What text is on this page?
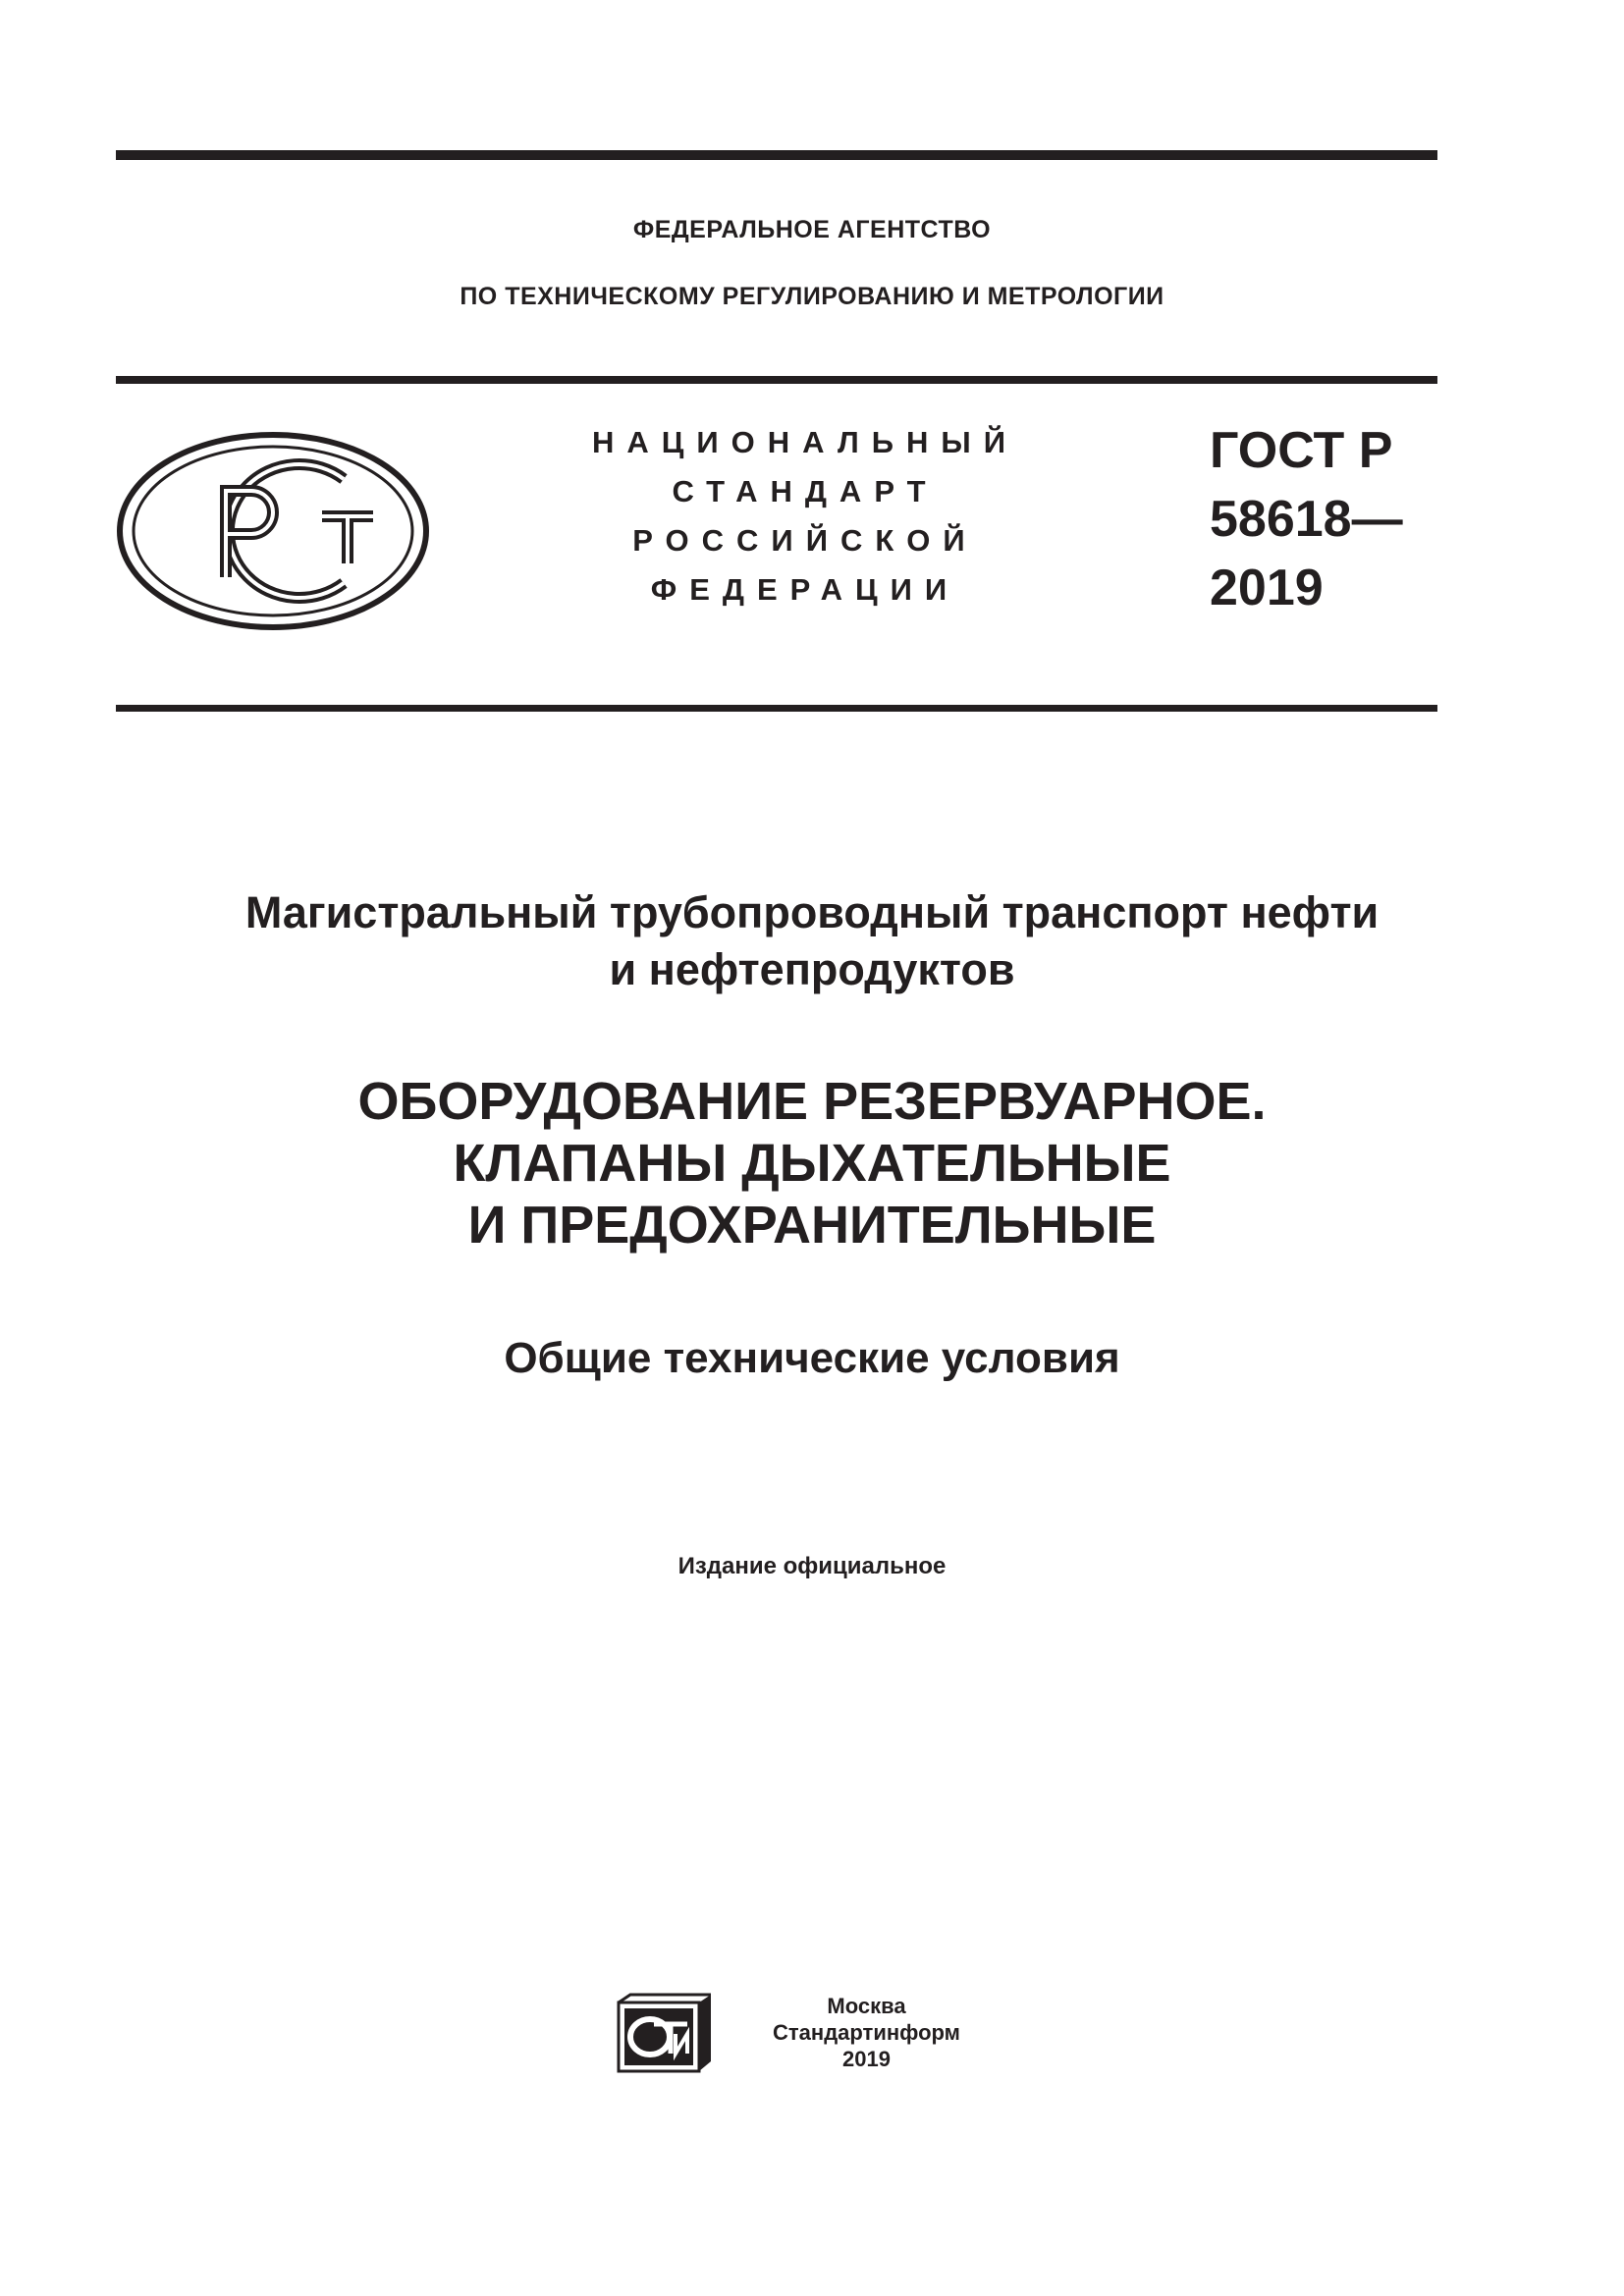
ФЕДЕРАЛЬНОЕ АГЕНТСТВО
ПО ТЕХНИЧЕСКОМУ РЕГУЛИРОВАНИЮ И МЕТРОЛОГИИ
НАЦИОНАЛЬНЫЙ
СТАНДАРТ
РОССИЙСКОЙ
ФЕДЕРАЦИИ
ГОСТ Р
58618—
2019
Магистральный трубопроводный транспорт нефти
и нефтепродуктов
ОБОРУДОВАНИЕ РЕЗЕРВУАРНОЕ.
КЛАПАНЫ ДЫХАТЕЛЬНЫЕ
И ПРЕДОХРАНИТЕЛЬНЫЕ
Общие технические условия
Издание официальное
Москва
Стандартинформ
2019
